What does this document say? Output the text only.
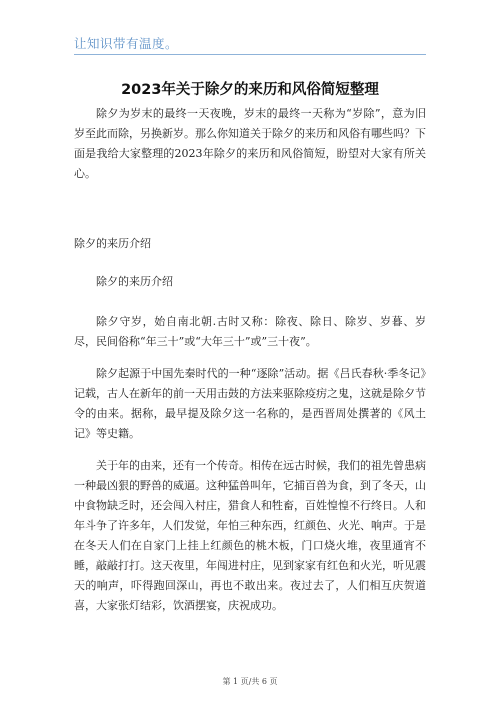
让知识带有温度。
2023年关于除夕的来历和风俗简短整理

除夕为岁末的最终一天夜晚，岁末的最终一天称为“岁除”，意为旧岁至此而除，另换新岁。那么你知道关于除夕的来历和风俗有哪些吗？下面是我给大家整理的2023年除夕的来历和风俗简短，盼望对大家有所关心。

除夕的来历介绍

除夕的来历介绍

除夕守岁，始自南北朝.古时又称：除夜、除日、除岁、岁暮、岁尽，民间俗称“年三十”或“大年三十”或”三十夜”。

除夕起源于中国先秦时代的一种“逐除”活动。据《吕氏春秋·季冬记》记载，古人在新年的前一天用击鼓的方法来驱除疫疠之鬼，这就是除夕节令的由来。据称，最早提及除夕这一名称的，是西晋周处撰著的《风土记》等史籍。

关于年的由来，还有一个传奇。相传在远古时候，我们的祖先曾患病一种最凶狠的野兽的威逼。这种猛兽叫年，它捕百兽为食，到了冬天，山中食物缺乏时，还会闯入村庄，猎食人和牲畜，百姓惶惶不行终日。人和年斗争了许多年，人们发觉，年怕三种东西，红颜色、火光、响声。于是在冬天人们在自家门上挂上红颜色的桃木板，门口烧火堆，夜里通宵不睡，敲敲打打。这天夜里，年闯进村庄，见到家家有红色和火光，听见震天的响声，吓得跑回深山，再也不敢出来。夜过去了，人们相互庆贺道喜，大家张灯结彩，饮酒摆宴，庆祝成功。

第 1 页/共 6 页
